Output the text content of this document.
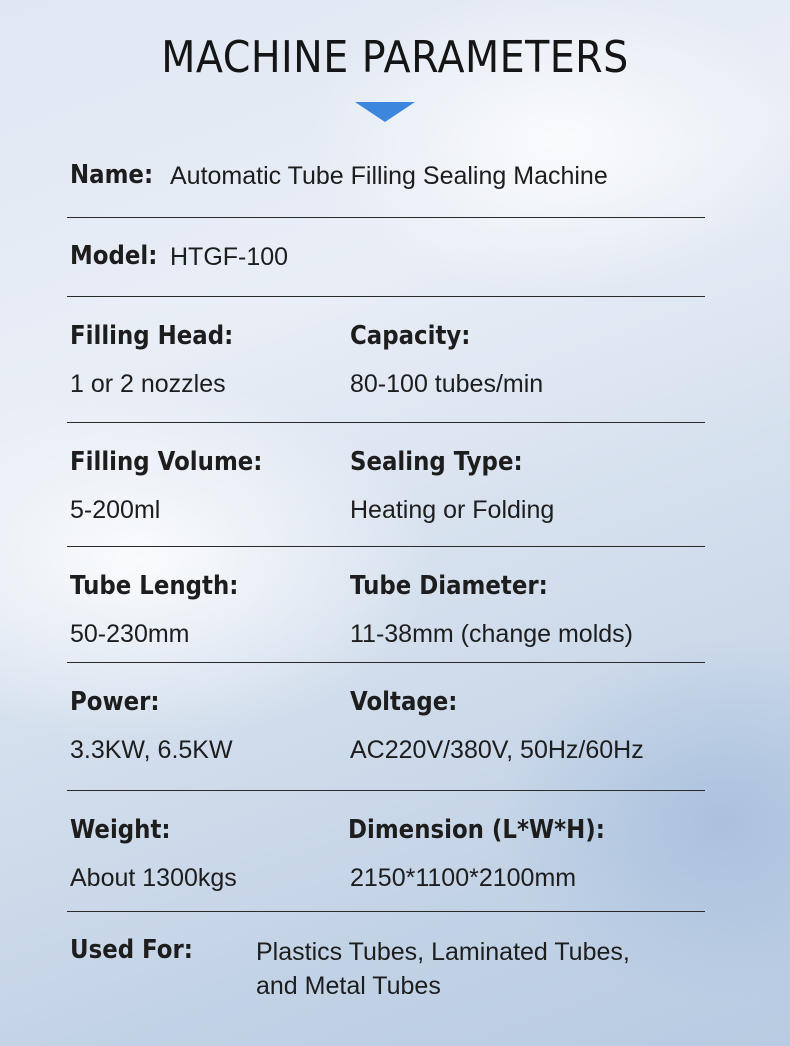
MACHINE PARAMETERS
Name: Automatic Tube Filling Sealing Machine
Model: HTGF-100
Filling Head:
1 or 2 nozzles
Capacity:
80-100 tubes/min
Filling Volume:
5-200ml
Sealing Type:
Heating or Folding
Tube Length:
50-230mm
Tube Diameter:
11-38mm (change molds)
Power:
3.3KW, 6.5KW
Voltage:
AC220V/380V, 50Hz/60Hz
Weight:
About 1300kgs
Dimension (L*W*H):
2150*1100*2100mm
Used For:	Plastics Tubes, Laminated Tubes,
and Metal Tubes
